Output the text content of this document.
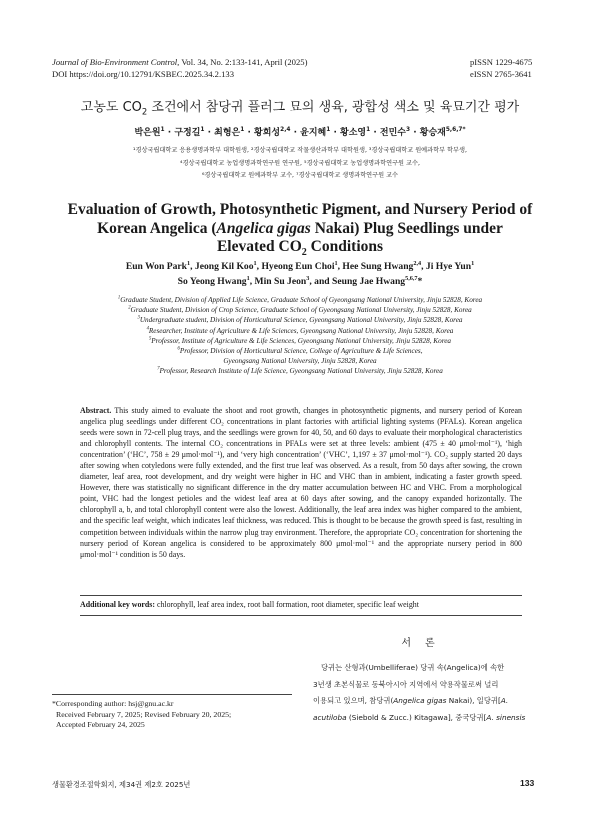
Journal of Bio-Environment Control, Vol. 34, No. 2:133-141, April (2025)
DOI https://doi.org/10.12791/KSBEC.2025.34.2.133
pISSN 1229-4675
eISSN 2765-3641
고농도 $CO_2$ 조건에서 참당귀 플러그 묘의 생육, 광합성 색소 및 육묘기간 평가
박은원$^1$ · 구정길$^1$ · 최형은$^1$ · 황희성$^{2,4}$ · 윤지혜$^1$ · 황소영$^1$ · 전민수$^3$ · 황승재$^{5,6,7*}$
¹경상국립대학교 응용생명과학부 대학원생, ²경상국립대학교 작물생산과학부 대학원생, ³경상국립대학교 원예과학부 학부생,
⁴경상국립대학교 농업생명과학연구원 연구원, ⁵경상국립대학교 농업생명과학연구원 교수,
⁶경상국립대학교 원예과학부 교수, ⁷경상국립대학교 생명과학연구원 교수
Evaluation of Growth, Photosynthetic Pigment, and Nursery Period of
Korean Angelica (Angelica gigas Nakai) Plug Seedlings under
Elevated $CO_2$ Conditions
Eun Won Park$^1$, Jeong Kil Koo$^1$, Hyeong Eun Choi$^1$, Hee Sung Hwang$^{2,4}$, Ji Hye Yun$^1$
So Yeong Hwang$^1$, Min Su Jeon$^3$, and Seung Jae Hwang$^{5,6,7}$*
$^1$Graduate Student, Division of Applied Life Science, Graduate School of Gyeongsang National University, Jinju 52828, Korea
$^2$Graduate Student, Division of Crop Science, Graduate School of Gyeongsang National University, Jinju 52828, Korea
$^3$Undergraduate student, Division of Horticultural Science, Gyeongsang National University, Jinju 52828, Korea
$^4$Researcher, Institute of Agriculture & Life Sciences, Gyeongsang National University, Jinju 52828, Korea
$^5$Professor, Institute of Agriculture & Life Sciences, Gyeongsang National University, Jinju 52828, Korea
$^6$Professor, Division of Horticultural Science, College of Agriculture & Life Sciences,
Gyeongsang National University, Jinju 52828, Korea
$^7$Professor, Research Institute of Life Science, Gyeongsang National University, Jinju 52828, Korea
Abstract. This study aimed to evaluate the shoot and root growth, changes in photosynthetic pigments, and nursery period of Korean angelica plug seedlings under different CO₂ concentrations in plant factories with artificial lighting systems (PFALs). Korean angelica seeds were sown in 72-cell plug trays, and the seedlings were grown for 40, 50, and 60 days to evaluate their morphological characteristics and chlorophyll contents. The internal CO₂ concentrations in PFALs were set at three levels: ambient (475 ± 40 μmol·mol⁻¹), ‘high concentration’ (‘HC’, 758 ± 29 μmol·mol⁻¹), and ‘very high concentration’ (‘VHC’, 1,197 ± 37 μmol·mol⁻¹). CO₂ supply started 20 days after sowing when cotyledons were fully extended, and the first true leaf was observed. As a result, from 50 days after sowing, the crown diameter, leaf area, root development, and dry weight were higher in HC and VHC than in ambient, indicating a faster growth speed. However, there was statistically no significant difference in the dry matter accumulation between HC and VHC. From a morphological point, VHC had the longest petioles and the widest leaf area at 60 days after sowing, and the canopy expanded horizontally. The chlorophyll a, b, and total chlorophyll content were also the lowest. Additionally, the leaf area index was higher compared to the ambient, and the specific leaf weight, which indicates leaf thickness, was reduced. This is thought to be because the growth speed is fast, resulting in competition between individuals within the narrow plug tray environment. Therefore, the appropriate CO₂ concentration for shortening the nursery period of Korean angelica is considered to be approximately 800 μmol·mol⁻¹ and the appropriate nursery period in 800 μmol·mol⁻¹ condition is 50 days.
Additional key words: chlorophyll, leaf area index, root ball formation, root diameter, specific leaf weight
서론
당귀는 산형과(Umbelliferae) 당귀 속(Angelica)에 속한
3년생 초본식물로 동북아시아 지역에서 약용작물로써 널리
이용되고 있으며, 참당귀(Angelica gigas Nakai), 일당귀[A.
acutiloba (Siebold & Zucc.) Kitagawa], 중국당귀[A. sinensis
*Corresponding author: hsj@gnu.ac.kr
Received February 7, 2025; Revised February 20, 2025;
Accepted February 24, 2025
생물환경조절학회지, 제34권 제2호 2025년	133
